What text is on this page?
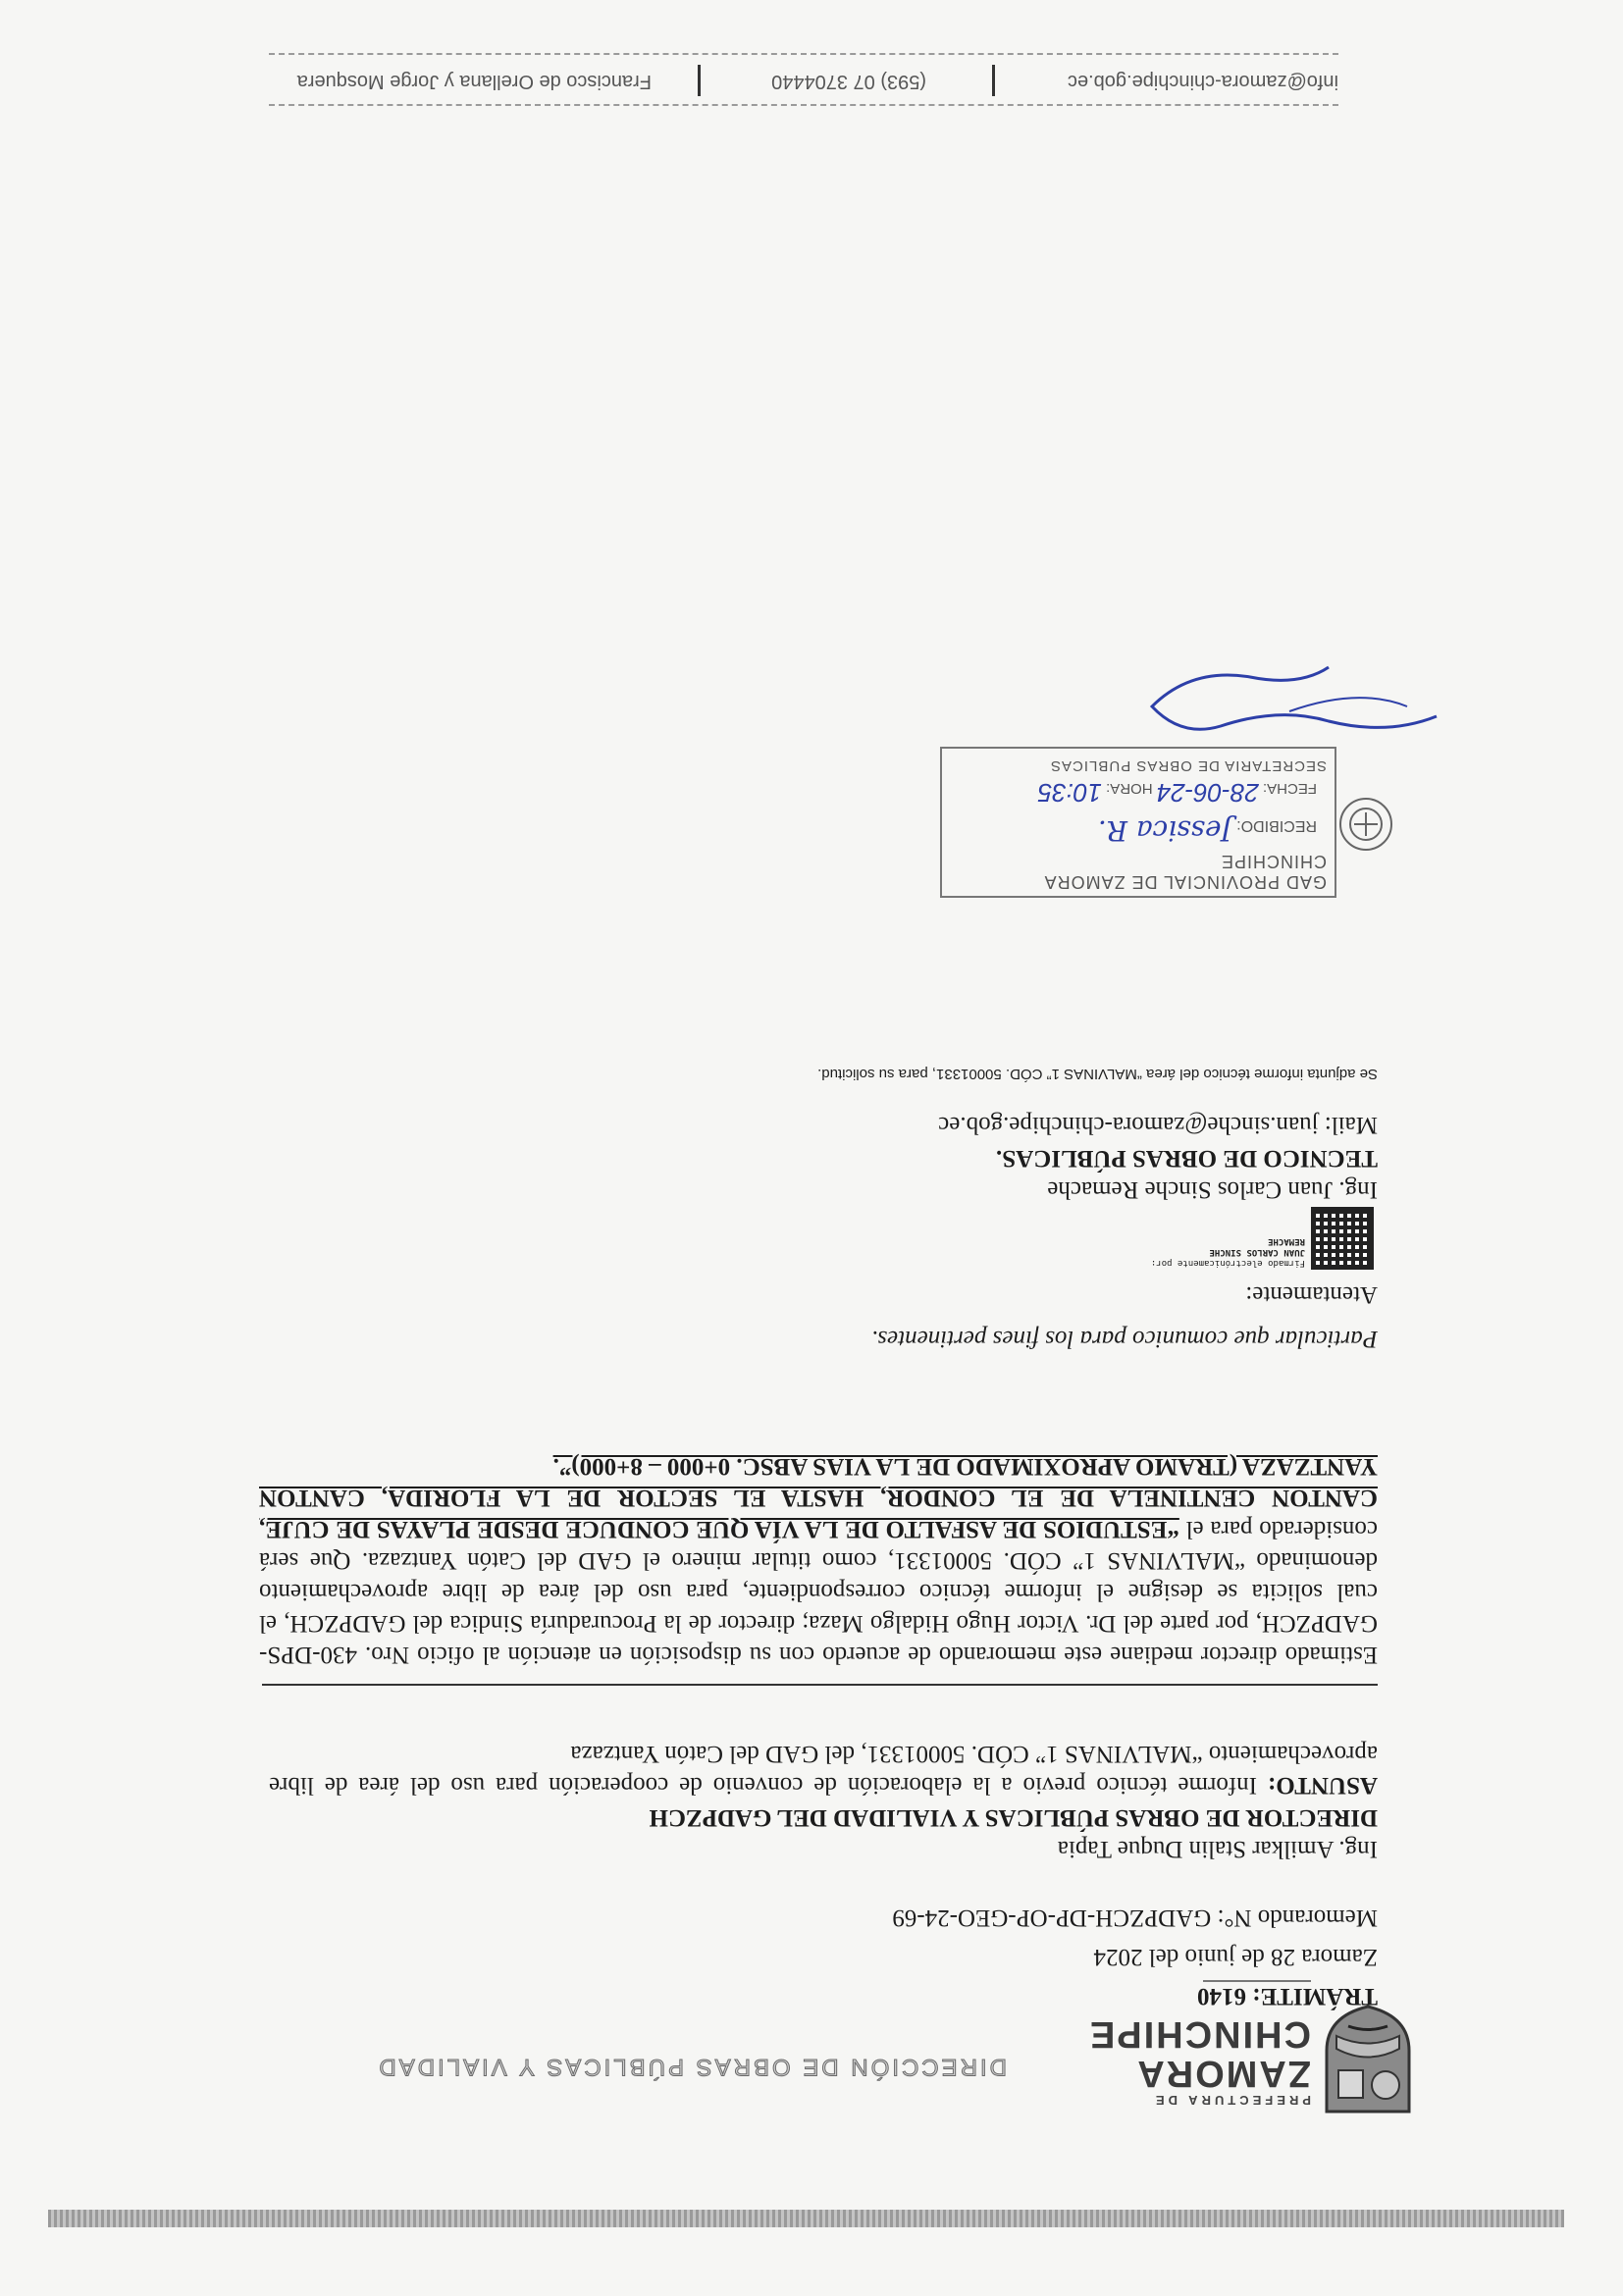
PREFECTURA DE
ZAMORA
CHINCHIPE
DIRECCIÓN DE OBRAS PÚBLICAS Y VIALIDAD
TRÁMITE: 6140
Zamora 28 de junio del 2024
Memorando N°: GADPZCH-DP-OP-GEO-24-69
Ing. Amilkar Stalin Duque Tapia
DIRECTOR DE OBRAS PÚBLICAS Y VIALIDAD DEL GADPZCH
ASUNTO: Informe técnico previo a la elaboración de convenio de cooperación para uso del área de libre aprovechamiento “MALVINAS 1” CÓD. 50001331, del GAD del Catón Yantzaza
Estimado director mediane este memorando de acuerdo con su disposición en atención al oficio Nro. 430-DPS-GADPZCH, por parte del Dr. Victor Hugo Hidalgo Maza; director de la Procuraduría Sindica del GADPZCH, el cual solicita se designe el informe técnico correspondiente, para uso del área de libre aprovechamiento denominado “MALVINAS 1” CÓD. 50001331, como titular minero el GAD del Catón Yantzaza. Que será considerado para el “ESTUDIOS DE ASFALTO DE LA VÍA QUE CONDUCE DESDE PLAYAS DE CUJE, CANTON CENTINELA DE EL CONDOR, HASTA EL SECTOR DE LA FLORIDA, CANTON YANTZAZA (TRAMO APROXIMADO DE LA VIAS ABSC. 0+000 – 8+000)”.
Particular que comunico para los fines pertinentes.
Atentamente:
Firmado electrónicamente por:
JUAN CARLOS SINCHE
REMACHE
Ing. Juan Carlos Sinche Remache
TECNICO DE OBRAS PÚBLICAS.
Mail: juan.sinche@zamora-chinchipe.gob.ec
Se adjunta informe técnico del área “MALVINAS 1” CÓD. 50001331, para su solicitud.
GAD PROVINCIAL DE ZAMORA CHINCHIPE
RECIBIDO: Jessica R.
FECHA: 28-06-24 HORA: 10:35
SECRETARIA DE OBRAS PUBLICAS
info@zamora-chinchipe.gob.ec
(593) 07 3704440
Francisco de Orellana y Jorge Mosquera
